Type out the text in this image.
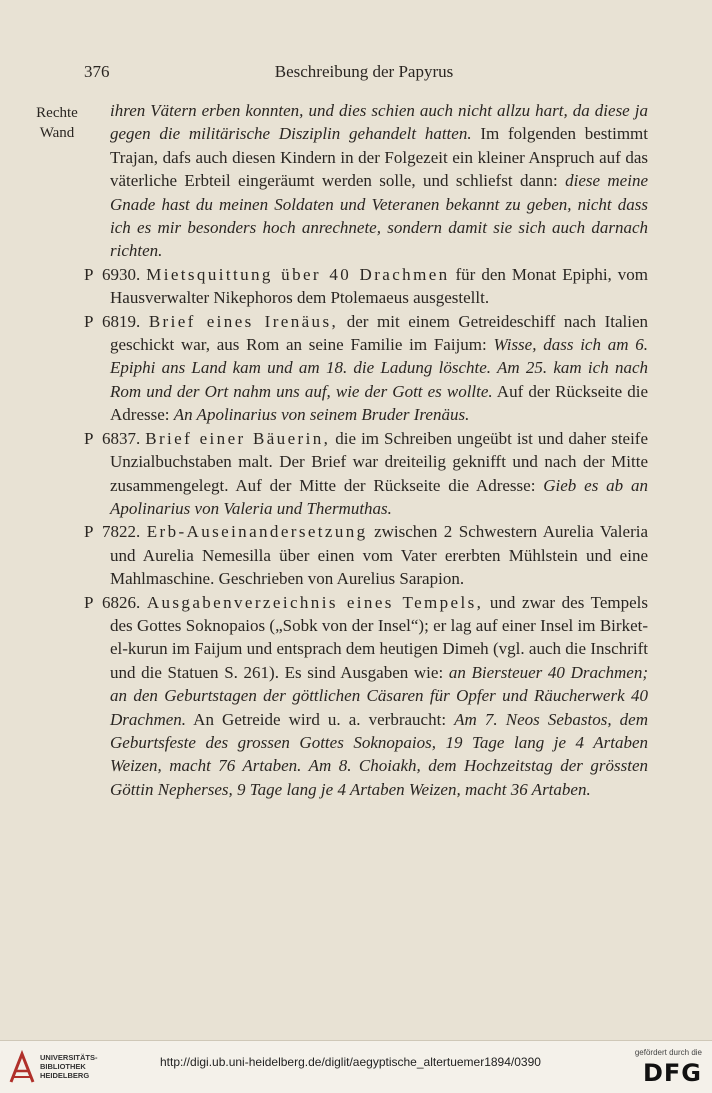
376	Beschreibung der Papyrus
Rechte
Wand

ihren Vätern erben konnten, und dies schien auch nicht allzu hart, da diese ja gegen die militärische Disziplin gehandelt hatten. Im folgenden bestimmt Trajan, dafs auch diesen Kindern in der Folgezeit ein kleiner Anspruch auf das väterliche Erbteil eingeräumt werden solle, und schliefst dann: diese meine Gnade hast du meinen Soldaten und Veteranen bekannt zu geben, nicht dass ich es mir besonders hoch anrechnete, sondern damit sie sich auch darnach richten.

P  6930. Mietsquittung über 40 Drachmen für den Monat Epiphi, vom Hausverwalter Nikephoros dem Ptolemaeus ausgestellt.

P  6819. Brief eines Irenäus, der mit einem Getreideschiff nach Italien geschickt war, aus Rom an seine Familie im Faijum: Wisse, dass ich am 6. Epiphi ans Land kam und am 18. die Ladung löschte. Am 25. kam ich nach Rom und der Ort nahm uns auf, wie der Gott es wollte. Auf der Rückseite die Adresse: An Apolinarius von seinem Bruder Irenäus.

P  6837. Brief einer Bäuerin, die im Schreiben ungeübt ist und daher steife Unzialbuchstaben malt. Der Brief war dreiteilig geknifft und nach der Mitte zusammengelegt. Auf der Mitte der Rückseite die Adresse: Gieb es ab an Apolinarius von Valeria und Thermuthas.

P  7822. Erb-Auseinandersetzung zwischen 2 Schwestern Aurelia Valeria und Aurelia Nemesilla über einen vom Vater ererbten Mühlstein und eine Mahlmaschine. Geschrieben von Aurelius Sarapion.

P  6826. Ausgabenverzeichnis eines Tempels, und zwar des Tempels des Gottes Soknopaios („Sobk von der Insel“); er lag auf einer Insel im Birket-el-kurun im Faijum und entsprach dem heutigen Dimeh (vgl. auch die Inschrift und die Statuen S. 261). Es sind Ausgaben wie: an Biersteuer 40 Drachmen; an den Geburtstagen der göttlichen Cäsaren für Opfer und Räucherwerk 40 Drachmen. An Getreide wird u. a. verbraucht: Am 7. Neos Sebastos, dem Geburtsfeste des grossen Gottes Soknopaios, 19 Tage lang je 4 Artaben Weizen, macht 76 Artaben. Am 8. Choiakh, dem Hochzeitstag der grössten Göttin Nepherses, 9 Tage lang je 4 Artaben Weizen, macht 36 Artaben.

UNIVERSITÄTS-
BIBLIOTHEK
HEIDELBERG
http://digi.ub.uni-heidelberg.de/diglit/aegyptische_altertuemer1894/0390
gefördert durch die
DFG
